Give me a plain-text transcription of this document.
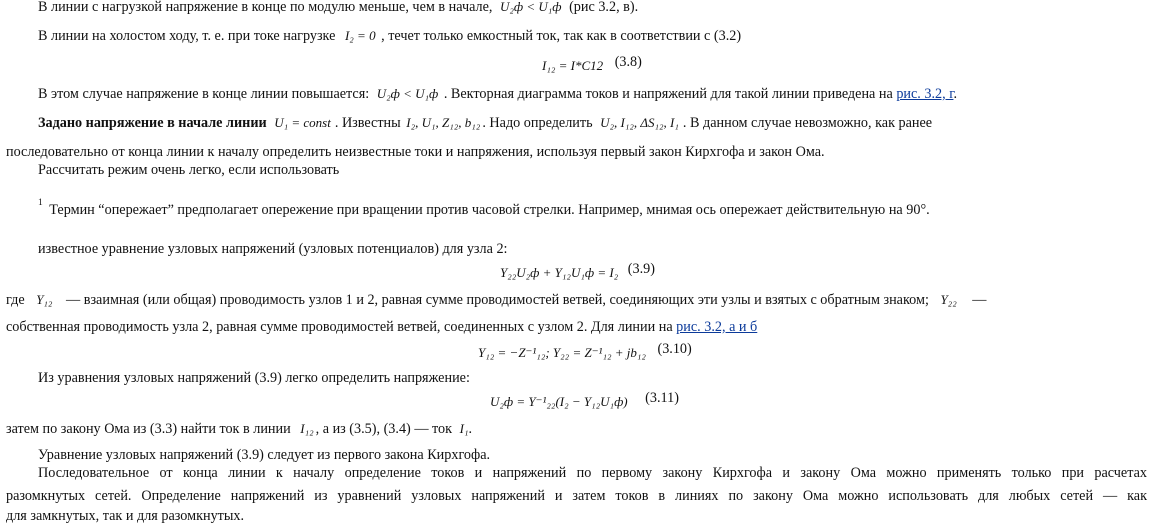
В линии с нагрузкой напряжение в конце по модулю меньше, чем в начале, U₂ф < U₁ф (рис 3.2, в).
В линии на холостом ходу, т. е. при токе нагрузке I₂ = 0 , течет только емкостный ток, так как в соответствии с (3.2)
I₁₂ = I*C12 (3.8)
В этом случае напряжение в конце линии повышается: U₂ф < U₁ф . Векторная диаграмма токов и напряжений для такой линии приведена на рис. 3.2, г.
Задано напряжение в начале линии U₁ = const . Известны I₂, U₁, Z₁₂, b₁₂ . Надо определить U₂, I₁₂, ΔS₁₂, I₁ . В данном случае невозможно, как ранее
последовательно от конца линии к началу определить неизвестные токи и напряжения, используя первый закон Кирхгофа и закон Ома.
Рассчитать режим очень легко, если использовать
$^1$ Термин “опережает” предполагает опережение при вращении против часовой стрелки. Например, мнимая ось опережает действительную на 90°.
известное уравнение узловых напряжений (узловых потенциалов) для узла 2:
Y₂₂U₂ф + Y₁₂U₁ф = I₂ (3.9)
где Y₁₂ — взаимная (или общая) проводимость узлов 1 и 2, равная сумме проводимостей ветвей, соединяющих эти узлы и взятых с обратным знаком; Y₂₂ —
собственная проводимость узла 2, равная сумме проводимостей ветвей, соединенных с узлом 2. Для линии на рис. 3.2, а и б
Y₁₂ = −Z⁻¹₁₂; Y₂₂ = Z⁻¹₁₂ + jb₁₂ (3.10)
Из уравнения узловых напряжений (3.9) легко определить напряжение:
U₂ф = Y⁻¹₂₂(I₂ − Y₁₂U₁ф) (3.11)
затем по закону Ома из (3.3) найти ток в линии I₁₂ , а из (3.5), (3.4) — ток I₁.
Уравнение узловых напряжений (3.9) следует из первого закона Кирхгофа.
Последовательное от конца линии к началу определение токов и напряжений по первому закону Кирхгофа и закону Ома можно применять только при расчетах
разомкнутых сетей. Определение напряжений из уравнений узловых напряжений и затем токов в линиях по закону Ома можно использовать для любых сетей — как
для замкнутых, так и для разомкнутых.
